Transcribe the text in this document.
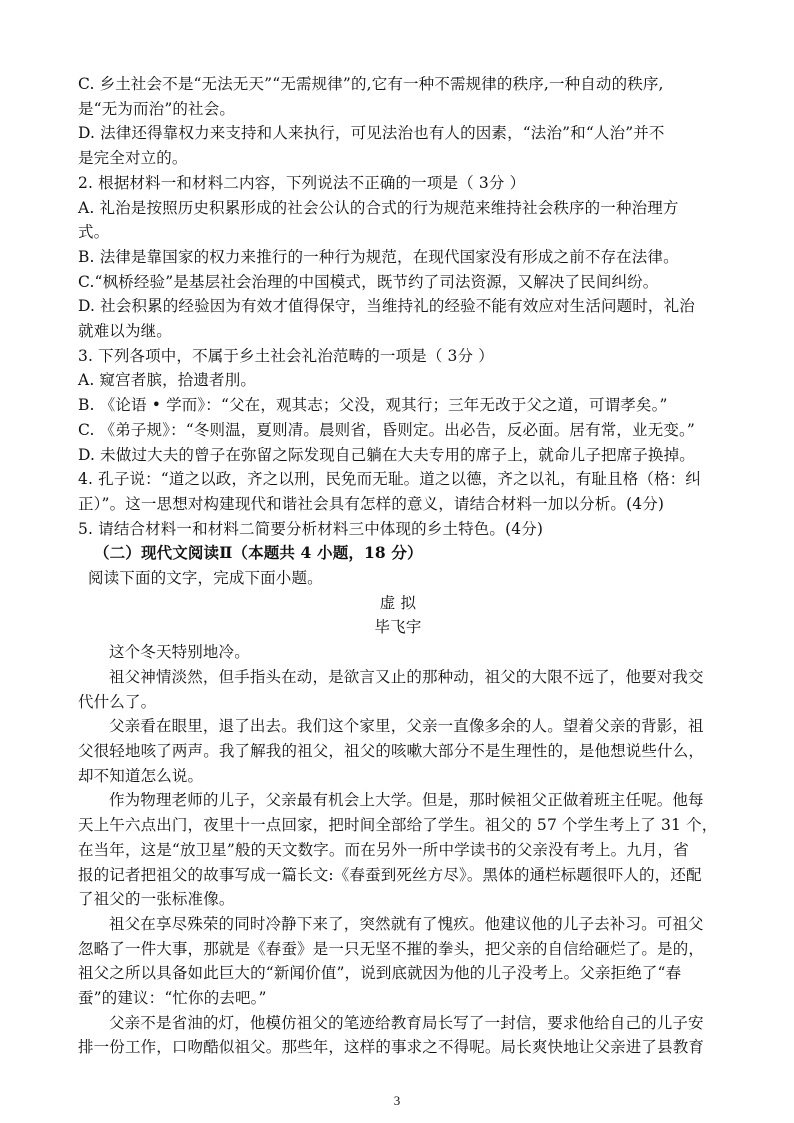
C. 乡土社会不是“无法无天”“无需规律”的,它有一种不需规律的秩序,一种自动的秩序,
是“无为而治”的社会。
D. 法律还得靠权力来支持和人来执行，可见法治也有人的因素，“法治”和“人治”并不
是完全对立的。
2. 根据材料一和材料二内容，下列说法不正确的一项是（ 3分 ）
A. 礼治是按照历史积累形成的社会公认的合式的行为规范来维持社会秩序的一种治理方
式。
B. 法律是靠国家的权力来推行的一种行为规范，在现代国家没有形成之前不存在法律。
C.“枫桥经验”是基层社会治理的中国模式，既节约了司法资源，又解决了民间纠纷。
D. 社会积累的经验因为有效才值得保守，当维持礼的经验不能有效应对生活问题时，礼治
就难以为继。
3. 下列各项中，不属于乡土社会礼治范畴的一项是（ 3分 ）
A. 窥宫者膑，拾遗者刖。
B. 《论语 • 学而》：“父在，观其志；父没，观其行；三年无改于父之道，可谓孝矣。”
C. 《弟子规》：“冬则温，夏则凊。晨则省，昏则定。出必告，反必面。居有常，业无变。”
D. 未做过大夫的曾子在弥留之际发现自己躺在大夫专用的席子上，就命儿子把席子换掉。
4. 孔子说：“道之以政，齐之以刑，民免而无耻。道之以德，齐之以礼，有耻且格（格：纠
正）”。这一思想对构建现代和谐社会具有怎样的意义，请结合材料一加以分析。(4分)
5. 请结合材料一和材料二简要分析材料三中体现的乡土特色。(4分)
（二）现代文阅读Ⅱ（本题共 4 小题，18 分）
阅读下面的文字，完成下面小题。
虚 拟
毕飞宇
这个冬天特别地冷。
祖父神情淡然，但手指头在动，是欲言又止的那种动，祖父的大限不远了，他要对我交
代什么了。
父亲看在眼里，退了出去。我们这个家里，父亲一直像多余的人。望着父亲的背影，祖
父很轻地咳了两声。我了解我的祖父，祖父的咳嗽大部分不是生理性的，是他想说些什么，
却不知道怎么说。
作为物理老师的儿子，父亲最有机会上大学。但是，那时候祖父正做着班主任呢。他每
天上午六点出门，夜里十一点回家，把时间全部给了学生。祖父的 57 个学生考上了 31 个，
在当年，这是“放卫星”般的天文数字。而在另外一所中学读书的父亲没有考上。九月，省
报的记者把祖父的故事写成一篇长文:《春蚕到死丝方尽》。黑体的通栏标题很吓人的，还配
了祖父的一张标准像。
祖父在享尽殊荣的同时冷静下来了，突然就有了愧疚。他建议他的儿子去补习。可祖父
忽略了一件大事，那就是《春蚕》是一只无坚不摧的拳头，把父亲的自信给砸烂了。是的，
祖父之所以具备如此巨大的“新闻价值”，说到底就因为他的儿子没考上。父亲拒绝了“春
蚕”的建议：“忙你的去吧。”
父亲不是省油的灯，他模仿祖父的笔迹给教育局长写了一封信，要求他给自己的儿子安
排一份工作，口吻酷似祖父。那些年，这样的事求之不得呢。局长爽快地让父亲进了县教育
3
